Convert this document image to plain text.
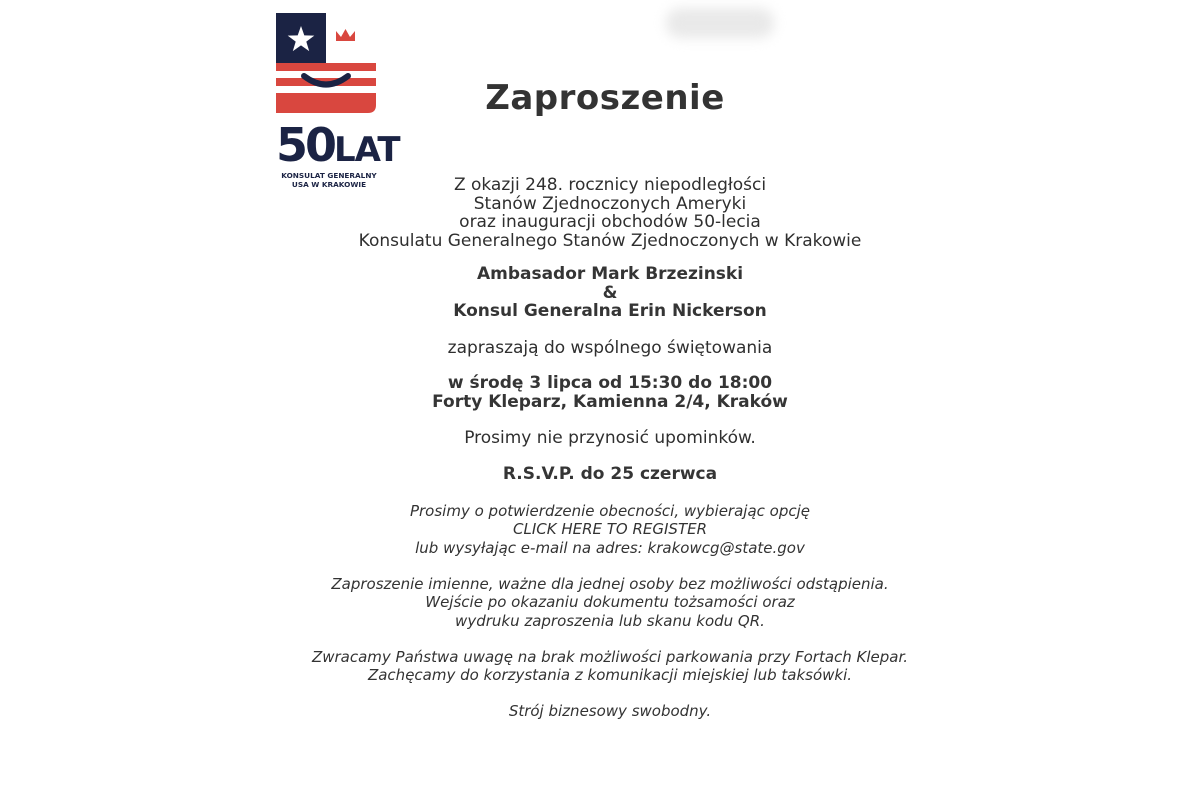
50LAT
KONSULAT GENERALNY
USA W KRAKOWIE
Zaproszenie
Z okazji 248. rocznicy niepodległości
Stanów Zjednoczonych Ameryki
oraz inauguracji obchodów 50-lecia
Konsulatu Generalnego Stanów Zjednoczonych w Krakowie
Ambasador Mark Brzezinski
&
Konsul Generalna Erin Nickerson
zapraszają do wspólnego świętowania
w środę 3 lipca od 15:30 do 18:00
Forty Kleparz, Kamienna 2/4, Kraków
Prosimy nie przynosić upominków.
R.S.V.P. do 25 czerwca
Prosimy o potwierdzenie obecności, wybierając opcję
CLICK HERE TO REGISTER
lub wysyłając e-mail na adres: krakowcg@state.gov
Zaproszenie imienne, ważne dla jednej osoby bez możliwości odstąpienia.
Wejście po okazaniu dokumentu tożsamości oraz
wydruku zaproszenia lub skanu kodu QR.
Zwracamy Państwa uwagę na brak możliwości parkowania przy Fortach Klepar.
Zachęcamy do korzystania z komunikacji miejskiej lub taksówki.
Strój biznesowy swobodny.
